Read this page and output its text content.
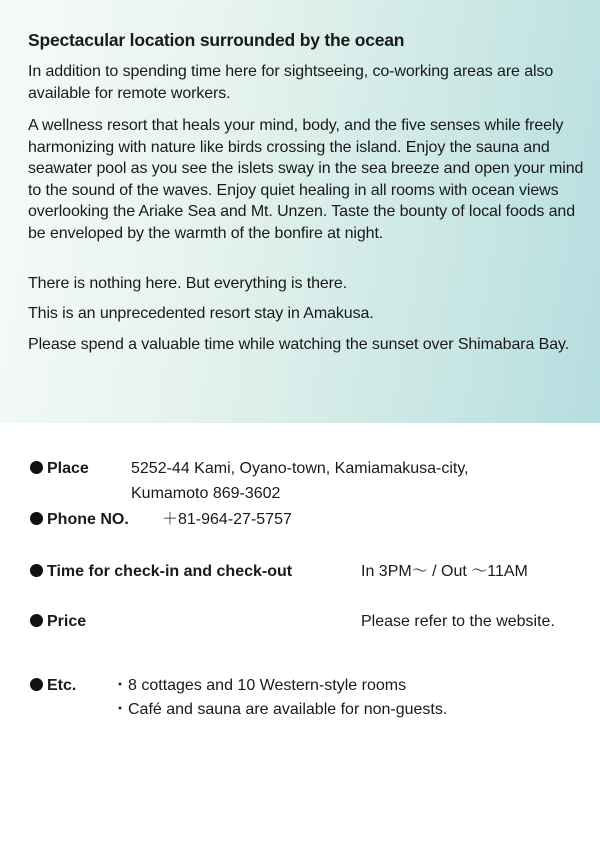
Spectacular location surrounded by the ocean

In addition to spending time here for sightseeing, co-working areas are also available for remote workers.

A wellness resort that heals your mind, body, and the five senses while freely harmonizing with nature like birds crossing the island. Enjoy the sauna and seawater pool as you see the islets sway in the sea breeze and open your mind to the sound of the waves. Enjoy quiet healing in all rooms with ocean views overlooking the Ariake Sea and Mt. Unzen. Taste the bounty of local foods and be enveloped by the warmth of the bonfire at night.

There is nothing here. But everything is there.

This is an unprecedented resort stay in Amakusa.

Please spend a valuable time while watching the sunset over Shimabara Bay.

Place	5252-44 Kami, Oyano-town, Kamiamakusa-city,
Kumamoto 869-3602
Phone NO. ＋81-964-27-5757
Time for check-in and check-out	In 3PM～ / Out ～11AM
Price	Please refer to the website.
Etc. ・8 cottages and 10 Western-style rooms
・Café and sauna are available for non-guests.
